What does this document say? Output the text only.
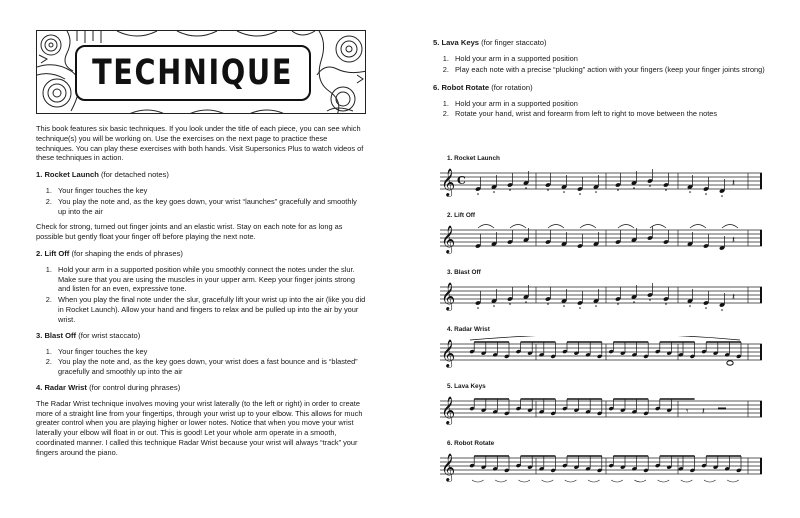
TECHNIQUE

This book features six basic techniques. If you look under the title of each piece, you can see which technique(s) you will be working on. Use the exercises on the next page to practice these techniques. You can play these exercises with both hands. Visit Supersonics Plus to watch videos of these techniques in action.

1. Rocket Launch (for detached notes)
1. Your finger touches the key
2. You play the note and, as the key goes down, your wrist “launches” gracefully and smoothly up into the air

Check for strong, turned out finger joints and an elastic wrist. Stay on each note for as long as possible but gently float your finger off before playing the next note.

2. Lift Off (for shaping the ends of phrases)
1. Hold your arm in a supported position while you smoothly connect the notes under the slur. Make sure that you are using the muscles in your upper arm. Keep your finger joints strong and listen for an even, expressive tone.
2. When you play the final note under the slur, gracefully lift your wrist up into the air (like you did in Rocket Launch). Allow your hand and fingers to relax and be pulled up into the air by your wrist.
3. Blast Off (for wrist staccato)
1. Your finger touches the key
2. You play the note and, as the key goes down, your wrist does a fast bounce and is “blasted” gracefully and smoothly up into the air
4. Radar Wrist (for control during phrases)

The Radar Wrist technique involves moving your wrist laterally (to the left or right) in order to create more of a straight line from your fingertips, through your wrist up to your elbow. This allows for much greater control when you are playing higher or lower notes. Notice that when you move your wrist laterally your elbow will float in or out. This is good! Let your whole arm operate in a smooth, coordinated manner. I called this technique Radar Wrist because your wrist will always “track” your fingers around the piano.

5. Lava Keys (for finger staccato)
1. Hold your arm in a supported position
2. Play each note with a precise “plucking” action with your fingers (keep your finger joints strong)
6. Robot Rotate (for rotation)
1. Hold your arm in a supported position
2. Rotate your hand, wrist and forearm from left to right to move between the notes
1. Rocket Launch
𝄞 C	𝄽
2. Lift Off
𝄞	𝄽
3. Blast Off
𝄞	𝄽
4. Radar Wrist
𝄞
5. Lava Keys
𝄞	𝄾 𝄽
6. Robot Rotate
𝄞
